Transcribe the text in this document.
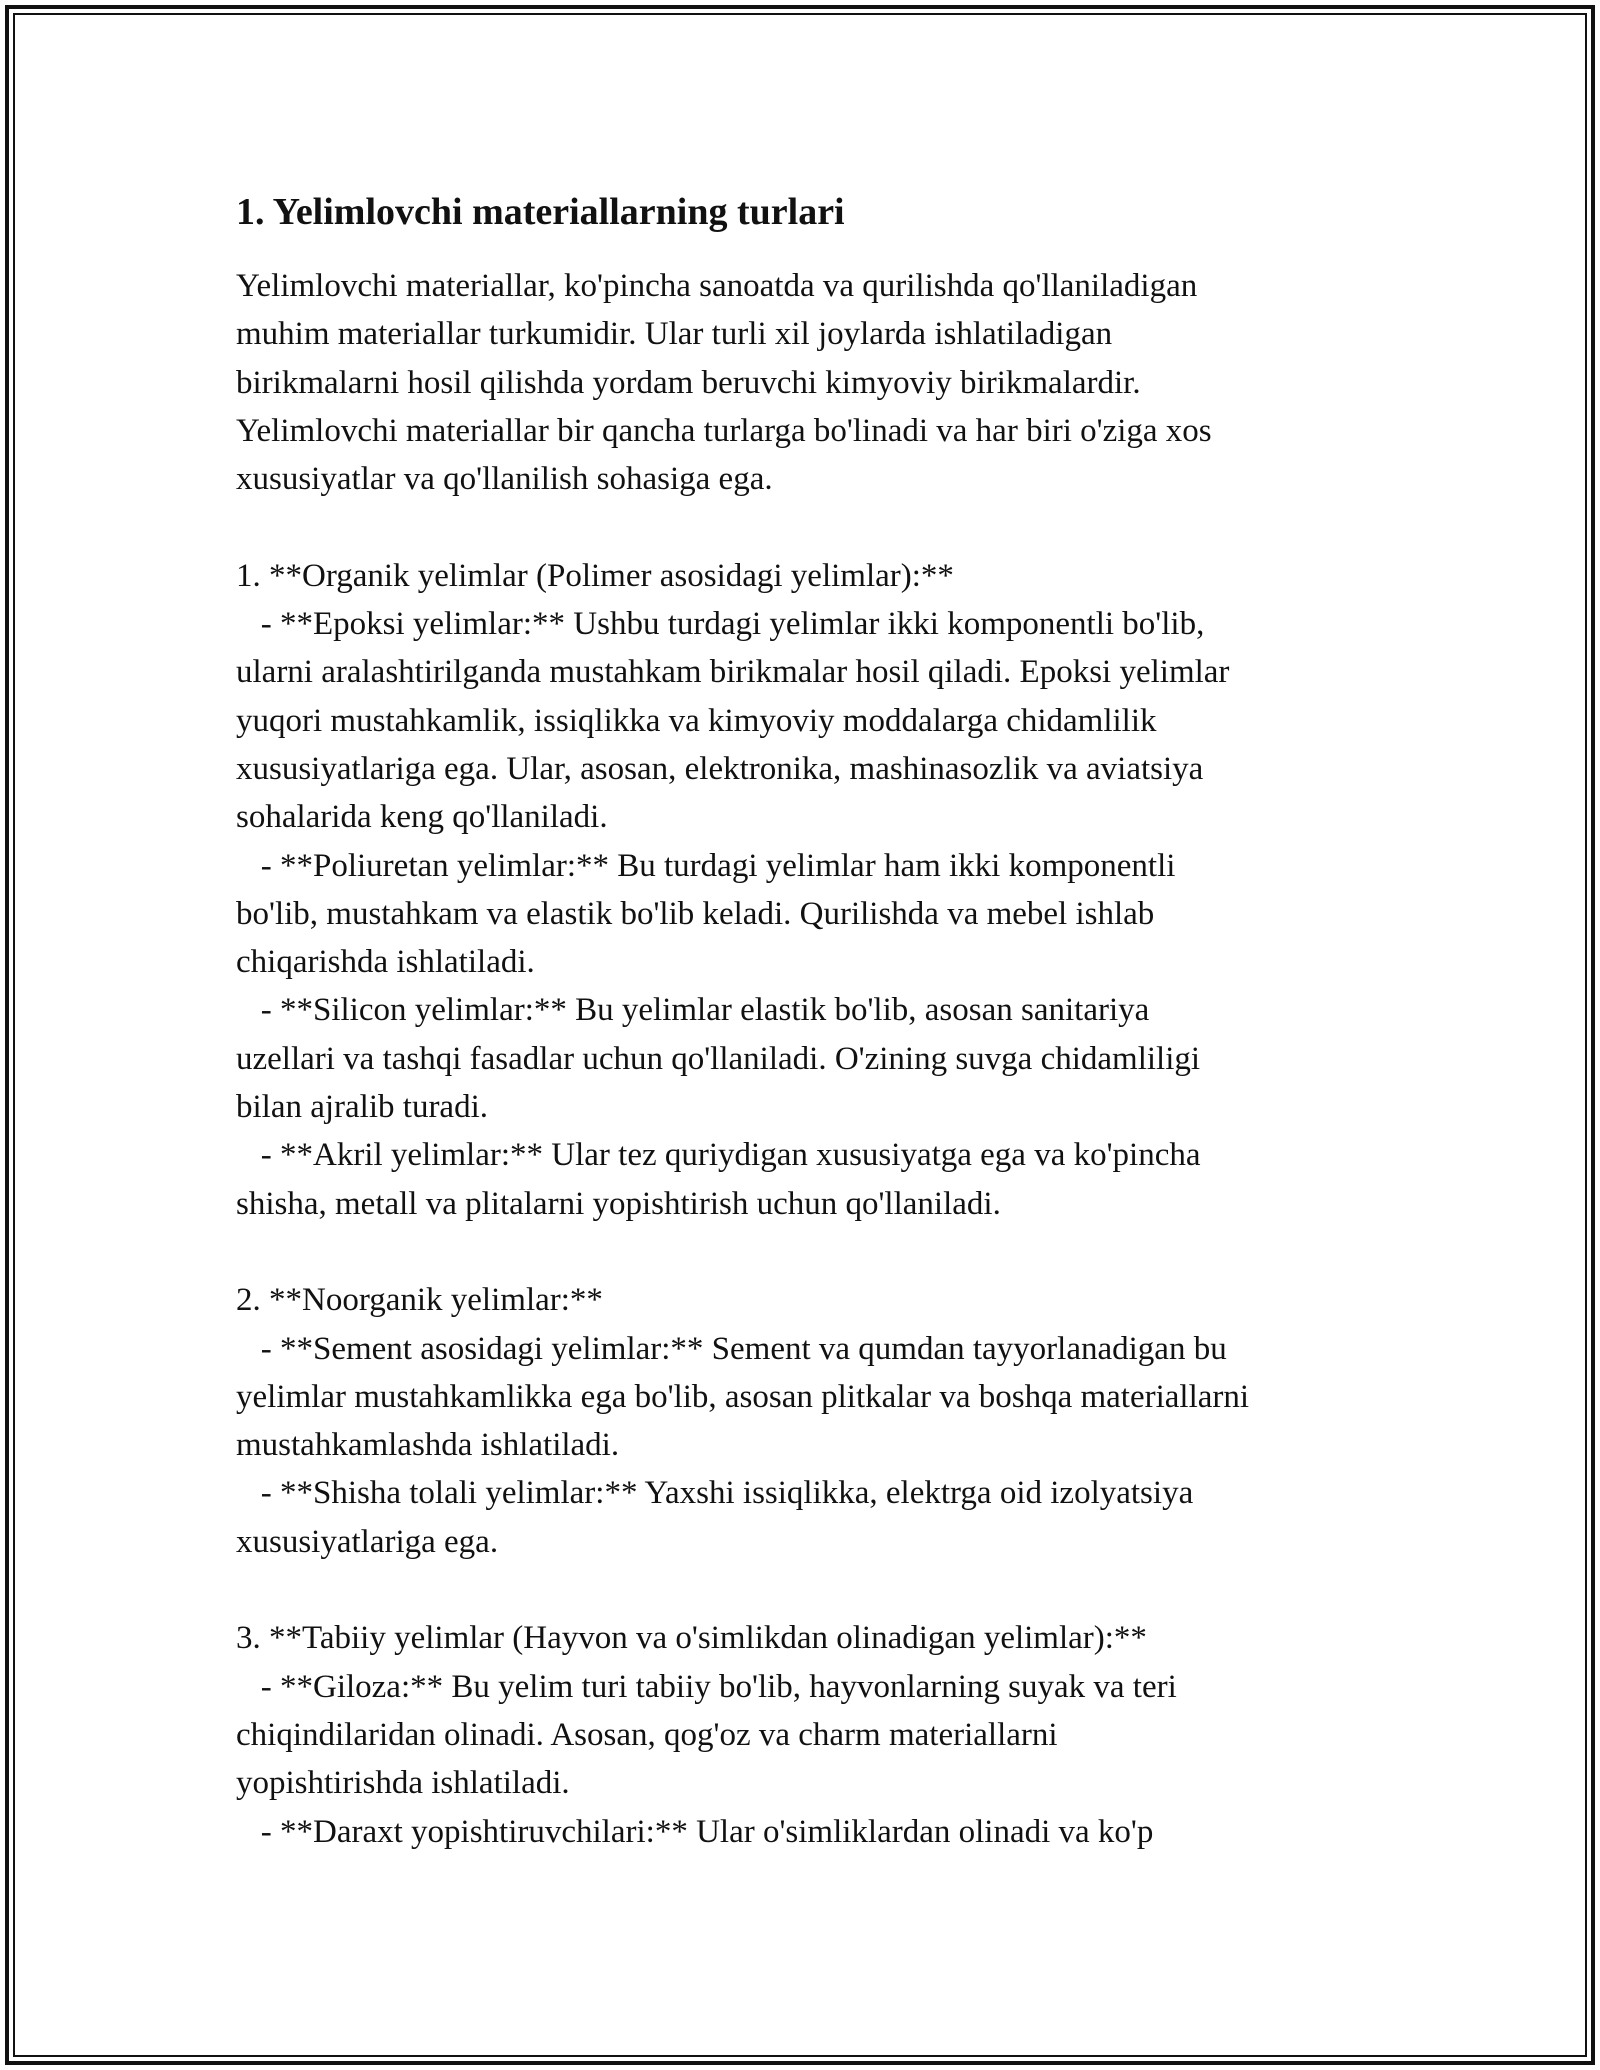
1. Yelimlovchi materiallarning turlari

Yelimlovchi materiallar, ko'pincha sanoatda va qurilishda qo'llaniladigan
muhim materiallar turkumidir. Ular turli xil joylarda ishlatiladigan
birikmalarni hosil qilishda yordam beruvchi kimyoviy birikmalardir.
Yelimlovchi materiallar bir qancha turlarga bo'linadi va har biri o'ziga xos
xususiyatlar va qo'llanilish sohasiga ega.

1. **Organik yelimlar (Polimer asosidagi yelimlar):**

- **Epoksi yelimlar:** Ushbu turdagi yelimlar ikki komponentli bo'lib,
ularni aralashtirilganda mustahkam birikmalar hosil qiladi. Epoksi yelimlar
yuqori mustahkamlik, issiqlikka va kimyoviy moddalarga chidamlilik
xususiyatlariga ega. Ular, asosan, elektronika, mashinasozlik va aviatsiya
sohalarida keng qo'llaniladi.

- **Poliuretan yelimlar:** Bu turdagi yelimlar ham ikki komponentli
bo'lib, mustahkam va elastik bo'lib keladi. Qurilishda va mebel ishlab
chiqarishda ishlatiladi.

- **Silicon yelimlar:** Bu yelimlar elastik bo'lib, asosan sanitariya
uzellari va tashqi fasadlar uchun qo'llaniladi. O'zining suvga chidamliligi
bilan ajralib turadi.

- **Akril yelimlar:** Ular tez quriydigan xususiyatga ega va ko'pincha
shisha, metall va plitalarni yopishtirish uchun qo'llaniladi.

2. **Noorganik yelimlar:**

- **Sement asosidagi yelimlar:** Sement va qumdan tayyorlanadigan bu
yelimlar mustahkamlikka ega bo'lib, asosan plitkalar va boshqa materiallarni
mustahkamlashda ishlatiladi.

- **Shisha tolali yelimlar:** Yaxshi issiqlikka, elektrga oid izolyatsiya
xususiyatlariga ega.

3. **Tabiiy yelimlar (Hayvon va o'simlikdan olinadigan yelimlar):**

- **Giloza:** Bu yelim turi tabiiy bo'lib, hayvonlarning suyak va teri
chiqindilaridan olinadi. Asosan, qog'oz va charm materiallarni
yopishtirishda ishlatiladi.

- **Daraxt yopishtiruvchilari:** Ular o'simliklardan olinadi va ko'p
